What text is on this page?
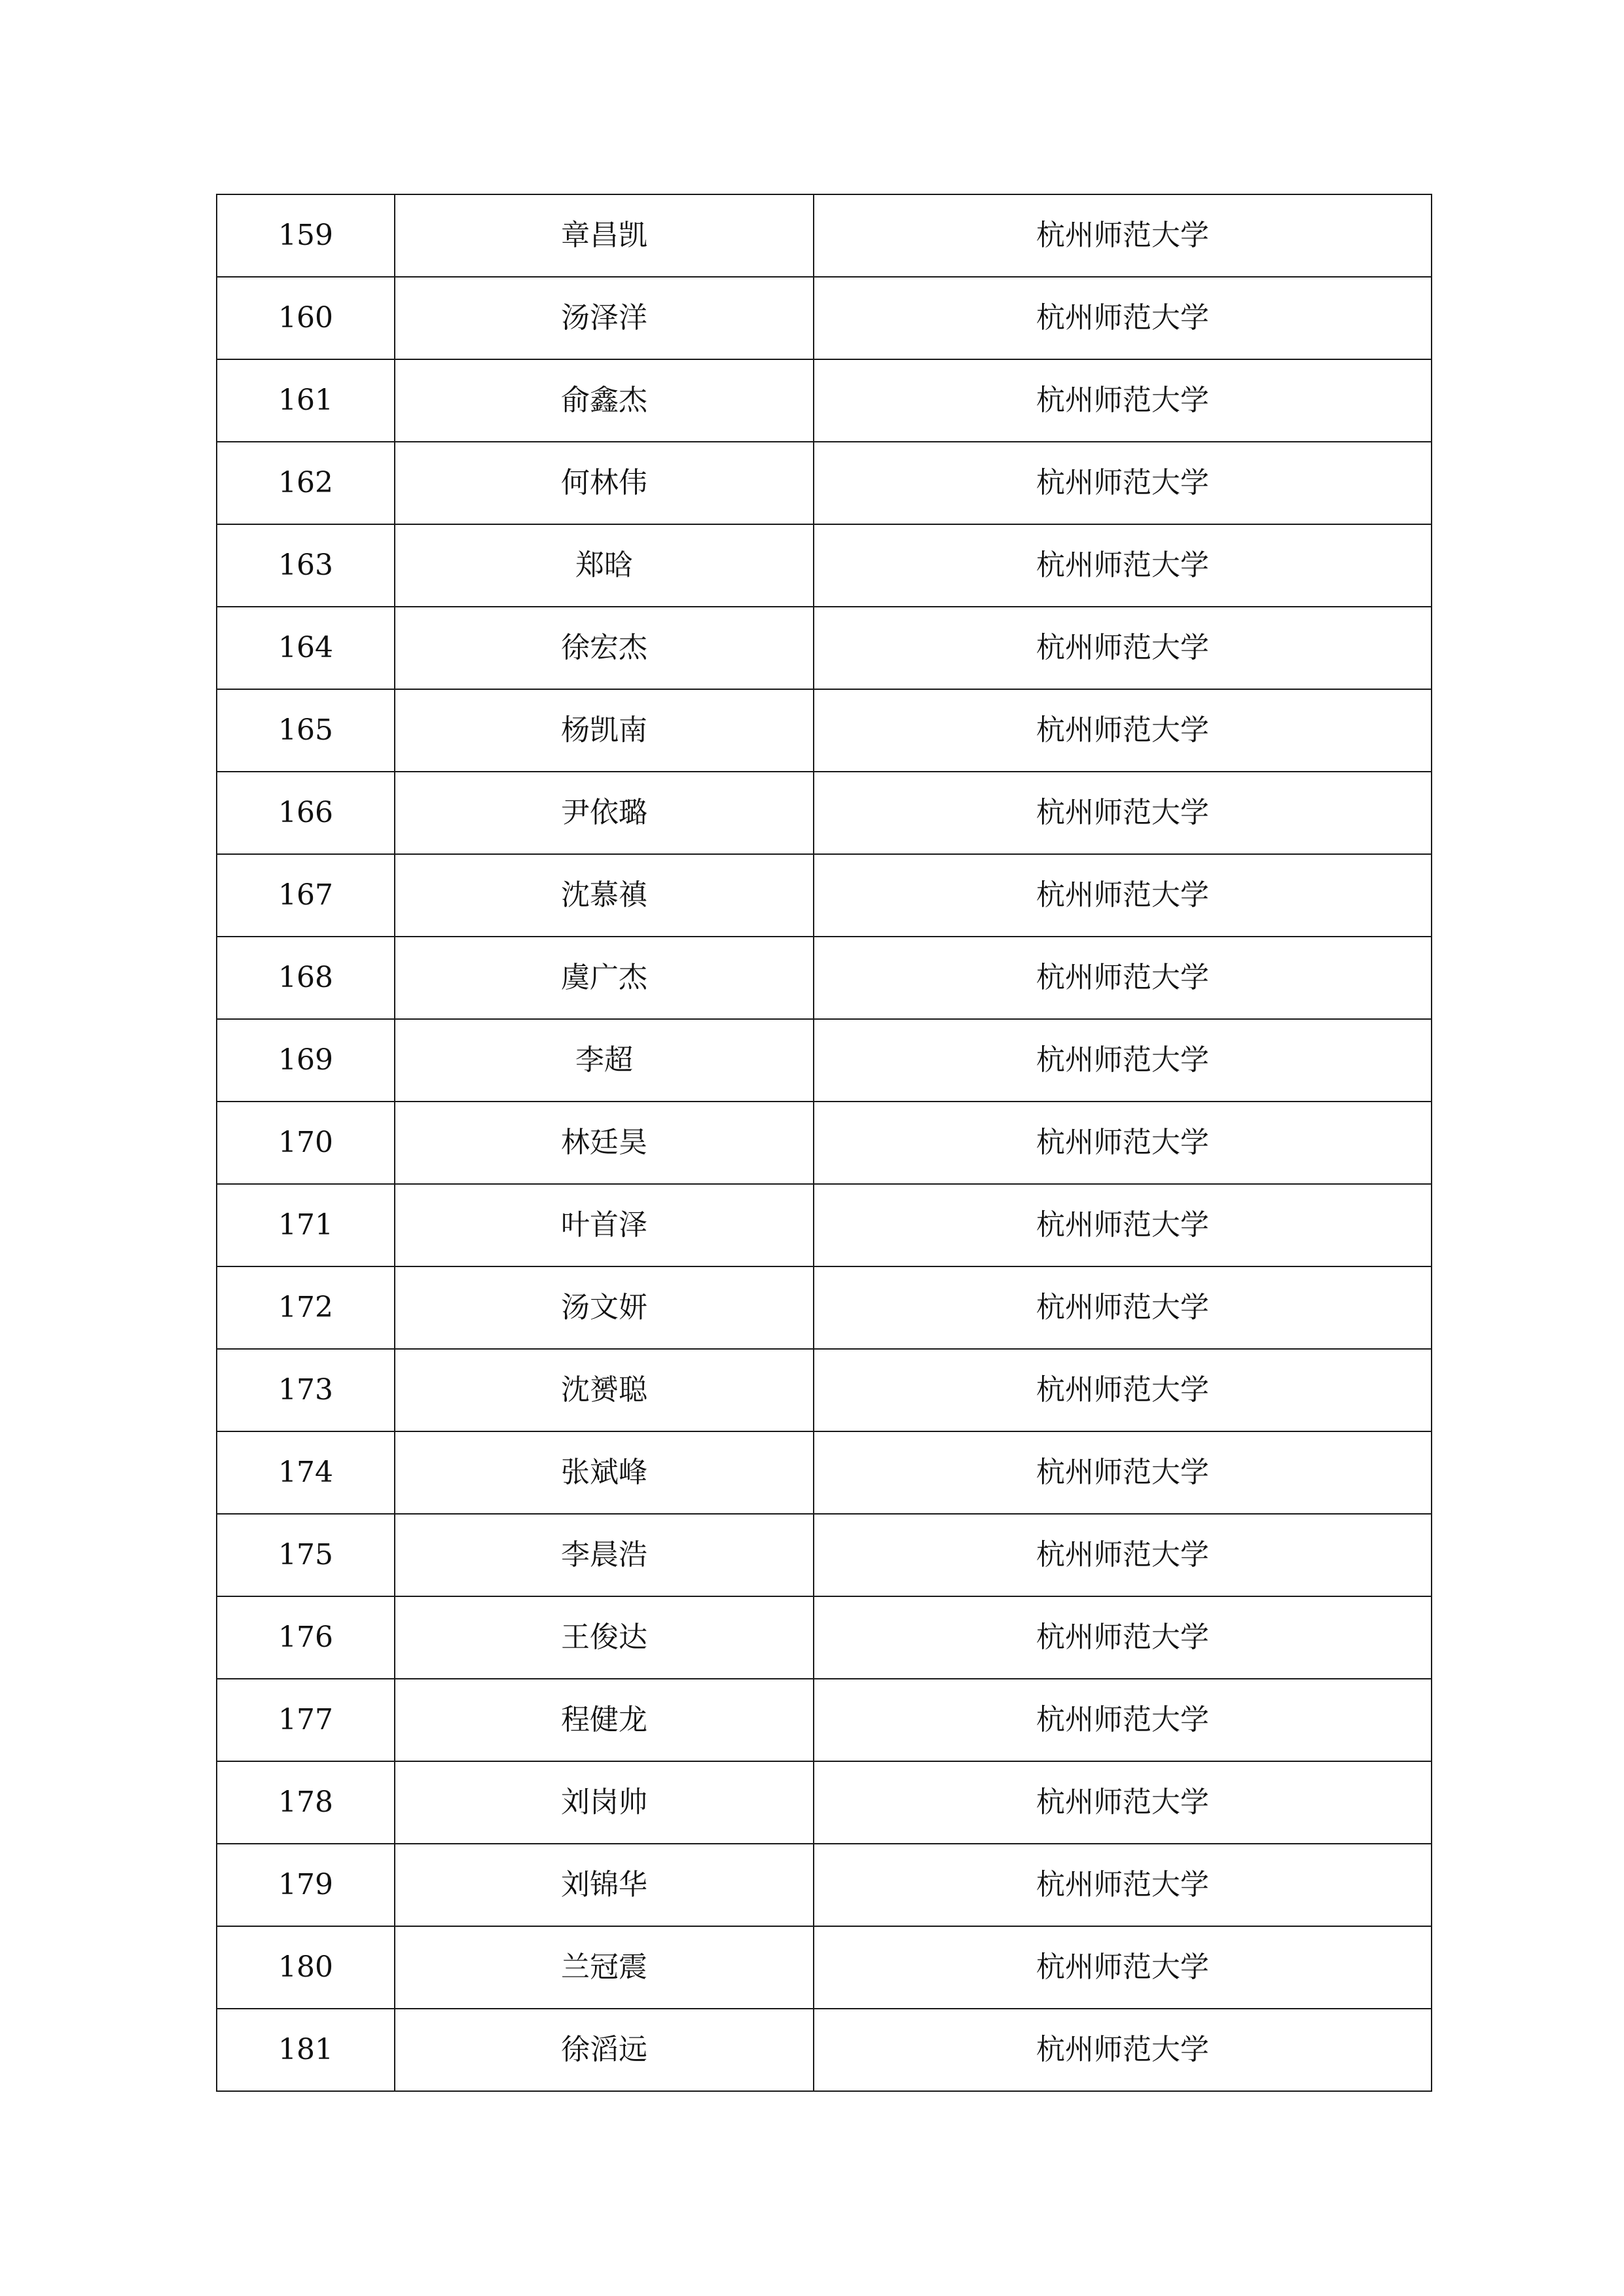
159	章昌凯	杭州师范大学
160	汤泽洋	杭州师范大学
161	俞鑫杰	杭州师范大学
162	何林伟	杭州师范大学
163	郑晗	杭州师范大学
164	徐宏杰	杭州师范大学
165	杨凯南	杭州师范大学
166	尹依璐	杭州师范大学
167	沈慕禛	杭州师范大学
168	虞广杰	杭州师范大学
169	李超	杭州师范大学
170	林廷昊	杭州师范大学
171	叶首泽	杭州师范大学
172	汤文妍	杭州师范大学
173	沈赟聪	杭州师范大学
174	张斌峰	杭州师范大学
175	李晨浩	杭州师范大学
176	王俊达	杭州师范大学
177	程健龙	杭州师范大学
178	刘岗帅	杭州师范大学
179	刘锦华	杭州师范大学
180	兰冠震	杭州师范大学
181	徐滔远	杭州师范大学
